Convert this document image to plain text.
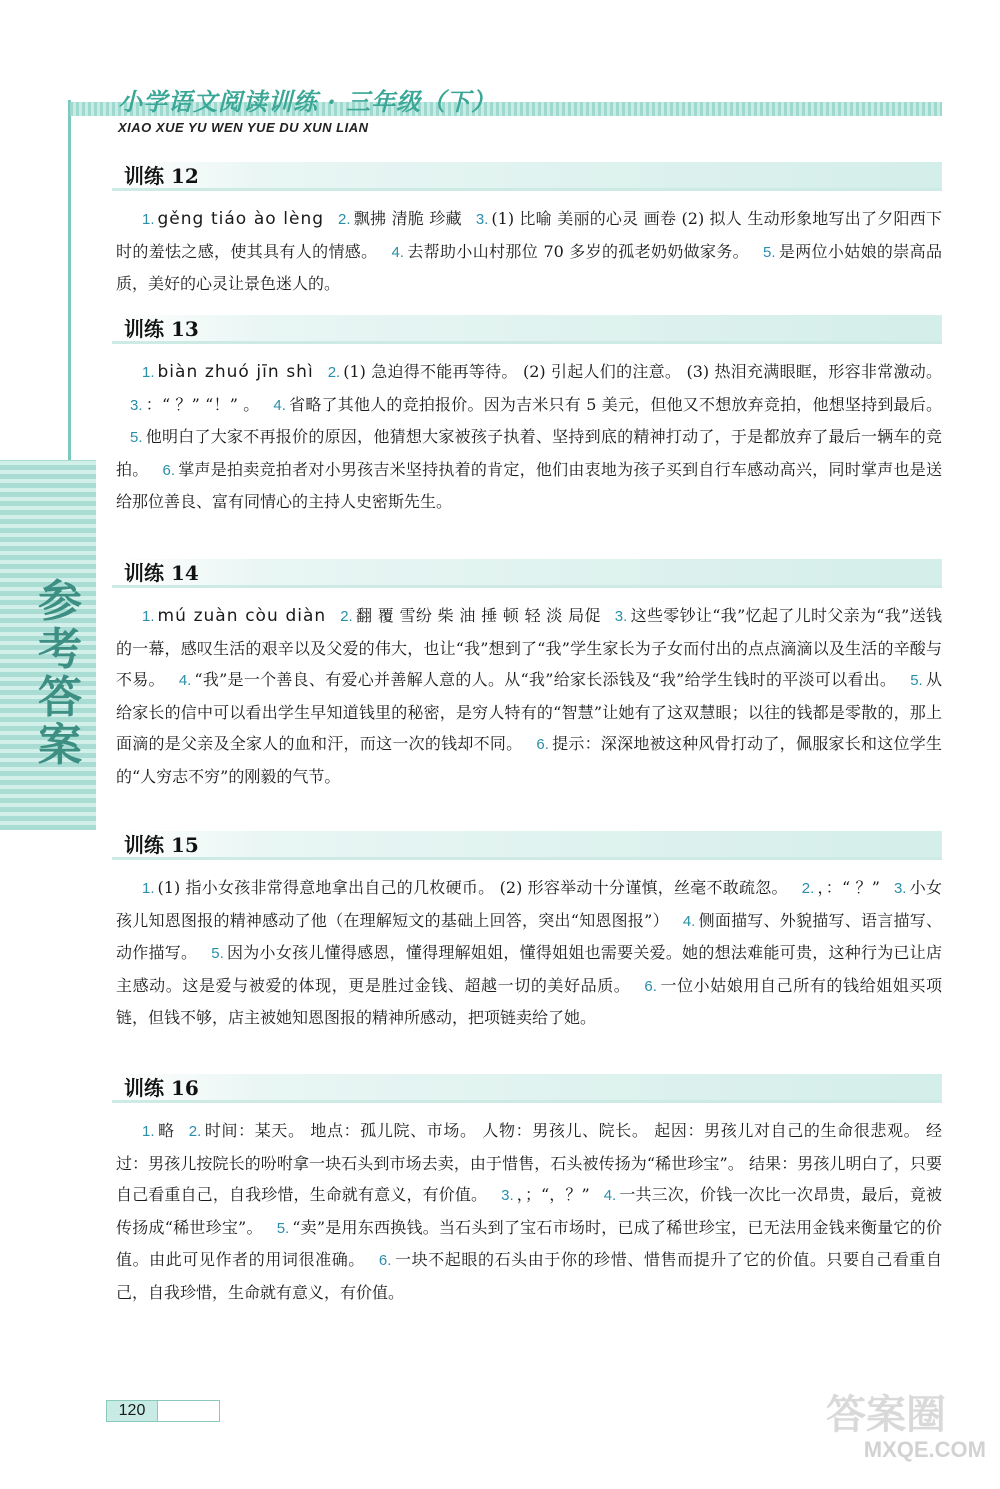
小学语文阅读训练 · 三年级（下）
XIAO XUE YU WEN YUE DU XUN LIAN
参考答案
训练 12
1. gěng tiáo ào lèng 2. 飘拂 清脆 珍藏 3. (1) 比喻 美丽的心灵 画卷 (2) 拟人 生动形象地写出了夕阳西下时的羞怯之感，使其具有人的情感。 4. 去帮助小山村那位 70 多岁的孤老奶奶做家务。 5. 是两位小姑娘的崇高品质，美好的心灵让景色迷人的。
训练 13
1. biàn zhuó jīn shì 2. (1) 急迫得不能再等待。 (2) 引起人们的注意。 (3) 热泪充满眼眶，形容非常激动。3. ：“ ？” “！” 。 4. 省略了其他人的竞拍报价。因为吉米只有 5 美元，但他又不想放弃竞拍，他想坚持到最后。5. 他明白了大家不再报价的原因，他猜想大家被孩子执着、坚持到底的精神打动了，于是都放弃了最后一辆车的竞拍。 6. 掌声是拍卖竞拍者对小男孩吉米坚持执着的肯定，他们由衷地为孩子买到自行车感动高兴，同时掌声也是送给那位善良、富有同情心的主持人史密斯先生。
训练 14
1. mú zuàn còu diàn 2. 翻 覆 雪纷 柴 油 捶 顿 轻 淡 局促 3. 这些零钞让“我”忆起了儿时父亲为“我”送钱的一幕，感叹生活的艰辛以及父爱的伟大，也让“我”想到了“我”学生家长为子女而付出的点点滴滴以及生活的辛酸与不易。 4. “我”是一个善良、有爱心并善解人意的人。从“我”给家长添钱及“我”给学生钱时的平淡可以看出。 5. 从给家长的信中可以看出学生早知道钱里的秘密，是穷人特有的“智慧”让她有了这双慧眼；以往的钱都是零散的，那上面滴的是父亲及全家人的血和汗，而这一次的钱却不同。 6. 提示：深深地被这种风骨打动了，佩服家长和这位学生的“人穷志不穷”的刚毅的气节。
训练 15
1. (1) 指小女孩非常得意地拿出自己的几枚硬币。 (2) 形容举动十分谨慎，丝毫不敢疏忽。 2. ，：“ ？” 3. 小女孩儿知恩图报的精神感动了他（在理解短文的基础上回答，突出“知恩图报”） 4. 侧面描写、外貌描写、语言描写、动作描写。 5. 因为小女孩儿懂得感恩，懂得理解姐姐，懂得姐姐也需要关爱。她的想法难能可贵，这种行为已让店主感动。这是爱与被爱的体现，更是胜过金钱、超越一切的美好品质。 6. 一位小姑娘用自己所有的钱给姐姐买项链，但钱不够，店主被她知恩图报的精神所感动，把项链卖给了她。
训练 16
1. 略 2. 时间：某天。 地点：孤儿院、市场。 人物：男孩儿、院长。 起因：男孩儿对自己的生命很悲观。 经过：男孩儿按院长的吩咐拿一块石头到市场去卖，由于惜售，石头被传扬为“稀世珍宝”。 结果：男孩儿明白了，只要自己看重自己，自我珍惜，生命就有意义，有价值。 3. ，；“，？” 4. 一共三次，价钱一次比一次昂贵，最后，竟被传扬成“稀世珍宝”。 5. “卖”是用东西换钱。当石头到了宝石市场时，已成了稀世珍宝，已无法用金钱来衡量它的价值。由此可见作者的用词很准确。 6. 一块不起眼的石头由于你的珍惜、惜售而提升了它的价值。只要自己看重自己，自我珍惜，生命就有意义，有价值。
120	答案圈
MXQE.COM
